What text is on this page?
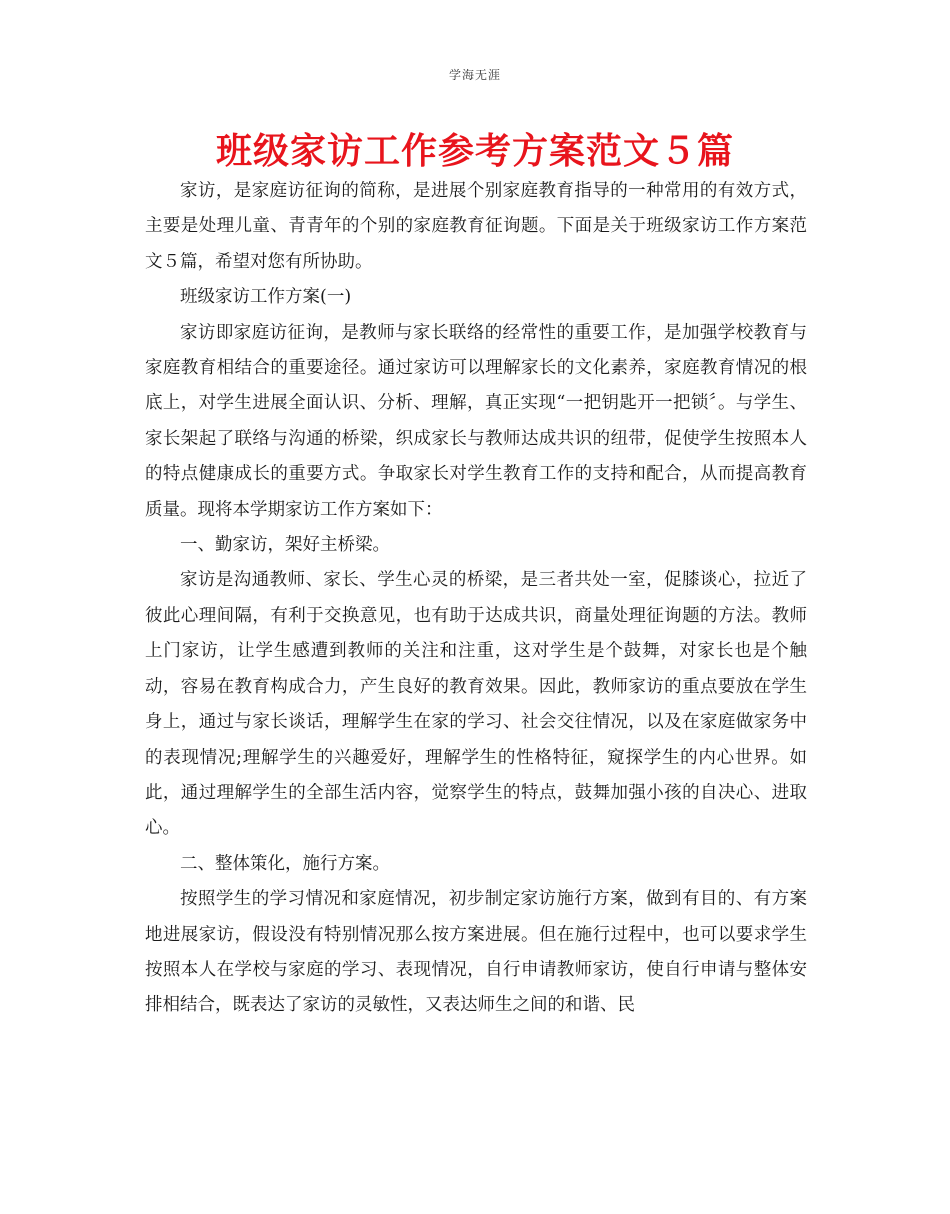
学海无涯
班级家访工作参考方案范文５篇

家访，是家庭访征询的简称，是进展个别家庭教育指导的一种常用的有效方式，主要是处理儿童、青青年的个别的家庭教育征询题。下面是关于班级家访工作方案范文５篇，希望对您有所协助。

班级家访工作方案(一)

家访即家庭访征询，是教师与家长联络的经常性的重要工作，是加强学校教育与家庭教育相结合的重要途径。通过家访可以理解家长的文化素养，家庭教育情况的根底上，对学生进展全面认识、分析、理解，真正实现“一把钥匙开一把锁〞。与学生、家长架起了联络与沟通的桥梁，织成家长与教师达成共识的纽带，促使学生按照本人的特点健康成长的重要方式。争取家长对学生教育工作的支持和配合，从而提高教育质量。现将本学期家访工作方案如下：

一、勤家访，架好主桥梁。

家访是沟通教师、家长、学生心灵的桥梁，是三者共处一室，促膝谈心，拉近了彼此心理间隔，有利于交换意见，也有助于达成共识，商量处理征询题的方法。教师上门家访，让学生感遭到教师的关注和注重，这对学生是个鼓舞，对家长也是个触动，容易在教育构成合力，产生良好的教育效果。因此，教师家访的重点要放在学生身上，通过与家长谈话，理解学生在家的学习、社会交往情况，以及在家庭做家务中的表现情况;理解学生的兴趣爱好，理解学生的性格特征，窥探学生的内心世界。如此，通过理解学生的全部生活内容，觉察学生的特点，鼓舞加强小孩的自决心、进取心。

二、整体策化，施行方案。

按照学生的学习情况和家庭情况，初步制定家访施行方案，做到有目的、有方案地进展家访，假设没有特别情况那么按方案进展。但在施行过程中，也可以要求学生按照本人在学校与家庭的学习、表现情况，自行申请教师家访，使自行申请与整体安排相结合，既表达了家访的灵敏性，又表达师生之间的和谐、民
